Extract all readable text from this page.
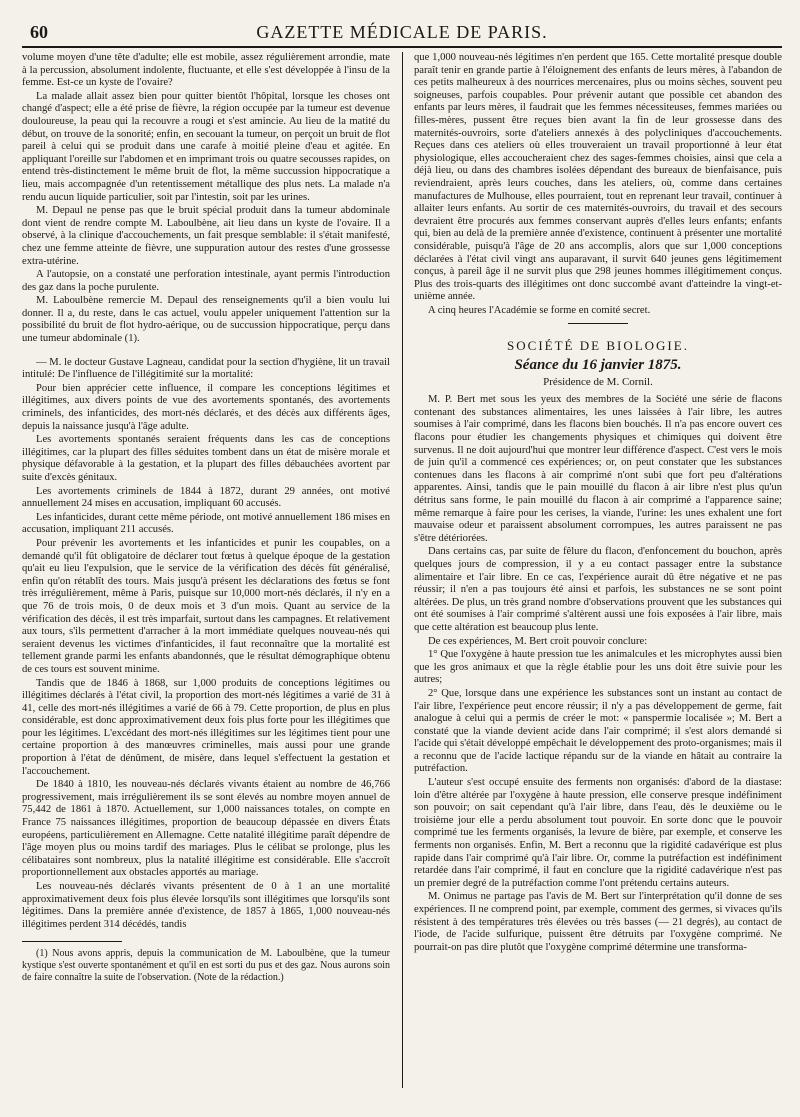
60	GAZETTE MÉDICALE DE PARIS.

volume moyen d'une tête d'adulte; elle est mobile, assez régulièrement arrondie, mate à la percussion, absolument indolente, fluctuante, et elle s'est développée à l'insu de la femme. Est-ce un kyste de l'ovaire?

La malade allait assez bien pour quitter bientôt l'hôpital, lorsque les choses ont changé d'aspect; elle a été prise de fièvre, la région occupée par la tumeur est devenue douloureuse, la peau qui la recouvre a rougi et s'est amincie. Au lieu de la matité du début, on trouve de la sonorité; enfin, en secouant la tumeur, on perçoit un bruit de flot pareil à celui qui se produit dans une carafe à moitié pleine d'eau et agitée. En appliquant l'oreille sur l'abdomen et en imprimant trois ou quatre secousses rapides, on entend très-distinctement le même bruit de flot, la même succussion hippocratique a lieu, mais accompagnée d'un retentissement métallique des plus nets. La malade n'a rendu aucun liquide particulier, soit par l'intestin, soit par les urines.

M. Depaul ne pense pas que le bruit spécial produit dans la tumeur abdominale dont vient de rendre compte M. Laboulbène, ait lieu dans un kyste de l'ovaire. Il a observé, à la clinique d'accouchements, un fait presque semblable: il s'était manifesté, chez une femme atteinte de fièvre, une suppuration autour des restes d'une grossesse extra-utérine.

A l'autopsie, on a constaté une perforation intestinale, ayant permis l'introduction des gaz dans la poche purulente.

M. Laboulbène remercie M. Depaul des renseignements qu'il a bien voulu lui donner. Il a, du reste, dans le cas actuel, voulu appeler uniquement l'attention sur la possibilité du bruit de flot hydro-aérique, ou de succussion hippocratique, perçu dans une tumeur abdominale (1).

— M. le docteur Gustave Lagneau, candidat pour la section d'hygiène, lit un travail intitulé: De l'influence de l'illégitimité sur la mortalité:

Pour bien apprécier cette influence, il compare les conceptions légitimes et illégitimes, aux divers points de vue des avortements spontanés, des avortements criminels, des infanticides, des mort-nés déclarés, et des décès aux différents âges, depuis la naissance jusqu'à l'âge adulte.

Les avortements spontanés seraient fréquents dans les cas de conceptions illégitimes, car la plupart des filles séduites tombent dans un état de misère morale et physique défavorable à la gestation, et la plupart des filles débauchées avortent par suite d'excès génitaux.

Les avortements criminels de 1844 à 1872, durant 29 années, ont motivé annuellement 24 mises en accusation, impliquant 60 accusés.

Les infanticides, durant cette même période, ont motivé annuellement 186 mises en accusation, impliquant 211 accusés.

Pour prévenir les avortements et les infanticides et punir les coupables, on a demandé qu'il fût obligatoire de déclarer tout fœtus à quelque époque de la gestation qu'ait eu lieu l'expulsion, que le service de la vérification des décès fût généralisé, enfin qu'on rétablît des tours. Mais jusqu'à présent les déclarations des fœtus se font très irrégulièrement, même à Paris, puisque sur 10,000 mort-nés déclarés, il n'y en a que 76 de trois mois, 0 de deux mois et 3 d'un mois. Quant au service de la vérification des décès, il est très imparfait, surtout dans les campagnes. Et relativement aux tours, s'ils permettent d'arracher à la mort immédiate quelques nouveau-nés qui seraient devenus les victimes d'infanticides, il faut reconnaître que la mortalité est tellement grande parmi les enfants abandonnés, que le résultat démographique obtenu de ces tours est souvent minime.

Tandis que de 1846 à 1868, sur 1,000 produits de conceptions légitimes ou illégitimes déclarés à l'état civil, la proportion des mort-nés légitimes a varié de 31 à 41, celle des mort-nés illégitimes a varié de 66 à 79. Cette proportion, de plus en plus considérable, est donc approximativement deux fois plus forte pour les illégitimes que pour les légitimes. L'excédant des mort-nés illégitimes sur les légitimes tient pour une certaine proportion à des manœuvres criminelles, mais aussi pour une grande proportion à l'état de dénûment, de misère, dans lequel s'effectuent la gestation et l'accouchement.

De 1840 à 1810, les nouveau-nés déclarés vivants étaient au nombre de 46,766 progressivement, mais irrégulièrement ils se sont élevés au nombre moyen annuel de 75,442 de 1861 à 1870. Actuellement, sur 1,000 naissances totales, on compte en France 75 naissances illégitimes, proportion de beaucoup dépassée en divers États européens, particulièrement en Allemagne. Cette natalité illégitime paraît dépendre de l'âge moyen plus ou moins tardif des mariages. Plus le célibat se prolonge, plus les célibataires sont nombreux, plus la natalité illégitime est considérable. Elle s'accroît proportionnellement aux obstacles apportés au mariage.

Les nouveau-nés déclarés vivants présentent de 0 à 1 an une mortalité approximativement deux fois plus élevée lorsqu'ils sont illégitimes que lorsqu'ils sont légitimes. Dans la première année d'existence, de 1857 à 1865, 1,000 nouveau-nés illégitimes perdent 314 décédés, tandis

(1) Nous avons appris, depuis la communication de M. Laboulbène, que la tumeur kystique s'est ouverte spontanément et qu'il en est sorti du pus et des gaz. Nous aurons soin de faire connaître la suite de l'observation. (Note de la rédaction.)

que 1,000 nouveau-nés légitimes n'en perdent que 165. Cette mortalité presque double paraît tenir en grande partie à l'éloignement des enfants de leurs mères, à l'abandon de ces petits malheureux à des nourrices mercenaires, plus ou moins sèches, souvent peu soigneuses, parfois coupables. Pour prévenir autant que possible cet abandon des enfants par leurs mères, il faudrait que les femmes nécessiteuses, femmes mariées ou filles-mères, pussent être reçues bien avant la fin de leur grossesse dans des maternités-ouvroirs, sorte d'ateliers annexés à des polycliniques d'accouchements. Reçues dans ces ateliers où elles trouveraient un travail proportionné à leur état physiologique, elles accoucheraient chez des sages-femmes choisies, ainsi que cela a déjà lieu, ou dans des chambres isolées dépendant des bureaux de bienfaisance, puis reviendraient, après leurs couches, dans les ateliers, où, comme dans certaines manufactures de Mulhouse, elles pourraient, tout en reprenant leur travail, continuer à allaiter leurs enfants. Au sortir de ces maternités-ouvroirs, du travail et des secours devraient être procurés aux femmes conservant auprès d'elles leurs enfants; enfants qui, bien au delà de la première année d'existence, continuent à présenter une mortalité considérable, puisqu'à l'âge de 20 ans accomplis, alors que sur 1,000 conceptions déclarées à l'état civil vingt ans auparavant, il survit 640 jeunes gens légitimement conçus, à pareil âge il ne survit plus que 298 jeunes hommes illégitimement conçus. Plus des trois-quarts des illégitimes ont donc succombé avant d'atteindre la vingt-et-unième année.

A cinq heures l'Académie se forme en comité secret.

SOCIÉTÉ DE BIOLOGIE.
Séance du 16 janvier 1875.
Présidence de M. Cornil.

M. P. Bert met sous les yeux des membres de la Société une série de flacons contenant des substances alimentaires, les unes laissées à l'air libre, les autres soumises à l'air comprimé, dans les flacons bien bouchés. Il n'a pas encore ouvert ces flacons pour étudier les changements physiques et chimiques qui doivent être survenus. Il ne doit aujourd'hui que montrer leur différence d'aspect. C'est vers le mois de juin qu'il a commencé ces expériences; or, on peut constater que les substances contenues dans les flacons à air comprimé n'ont subi que fort peu d'altérations apparentes. Ainsi, tandis que le pain mouillé du flacon à air libre n'est plus qu'un détritus sans forme, le pain mouillé du flacon à air comprimé a l'apparence saine; même remarque à faire pour les cerises, la viande, l'urine: les unes exhalent une fort mauvaise odeur et paraissent absolument corrompues, les autres paraissent ne pas s'être détériorées.

Dans certains cas, par suite de fêlure du flacon, d'enfoncement du bouchon, après quelques jours de compression, il y a eu contact passager entre la substance alimentaire et l'air libre. En ce cas, l'expérience aurait dû être négative et ne pas réussir; il n'en a pas toujours été ainsi et parfois, les substances ne se sont point altérées. De plus, un très grand nombre d'observations prouvent que les substances qui ont été soumises à l'air comprimé s'altèrent aussi une fois exposées à l'air libre, mais que cette altération est beaucoup plus lente.

De ces expériences, M. Bert croit pouvoir conclure:

1° Que l'oxygène à haute pression tue les animalcules et les microphytes aussi bien que les gros animaux et que la règle établie pour les uns doit être suivie pour les autres;

2° Que, lorsque dans une expérience les substances sont un instant au contact de l'air libre, l'expérience peut encore réussir; il n'y a pas développement de germe, fait analogue à celui qui a permis de créer le mot: « panspermie localisée »; M. Bert a constaté que la viande devient acide dans l'air comprimé; il s'est alors demandé si l'acide qui s'était développé empêchait le développement des proto-organismes; mais il a reconnu que de l'acide lactique répandu sur de la viande en hâtait au contraire la putréfaction.

L'auteur s'est occupé ensuite des ferments non organisés: d'abord de la diastase: loin d'être altérée par l'oxygène à haute pression, elle conserve presque indéfiniment son pouvoir; on sait cependant qu'à l'air libre, dans l'eau, dès le deuxième ou le troisième jour elle a perdu absolument tout pouvoir. En sorte donc que le pouvoir comprimé tue les ferments organisés, la levure de bière, par exemple, et conserve les ferments non organisés. Enfin, M. Bert a reconnu que la rigidité cadavérique est plus rapide dans l'air comprimé qu'à l'air libre. Or, comme la putréfaction est indéfiniment retardée dans l'air comprimé, il faut en conclure que la rigidité cadavérique n'est pas un premier degré de la putréfaction comme l'ont prétendu certains auteurs.

M. Onimus ne partage pas l'avis de M. Bert sur l'interprétation qu'il donne de ses expériences. Il ne comprend point, par exemple, comment des germes, si vivaces qu'ils résistent à des températures très élevées ou très basses (— 21 degrés), au contact de l'iode, de l'acide sulfurique, puissent être détruits par l'oxygène comprimé. Ne pourrait-on pas dire plutôt que l'oxygène comprimé détermine une transforma-
